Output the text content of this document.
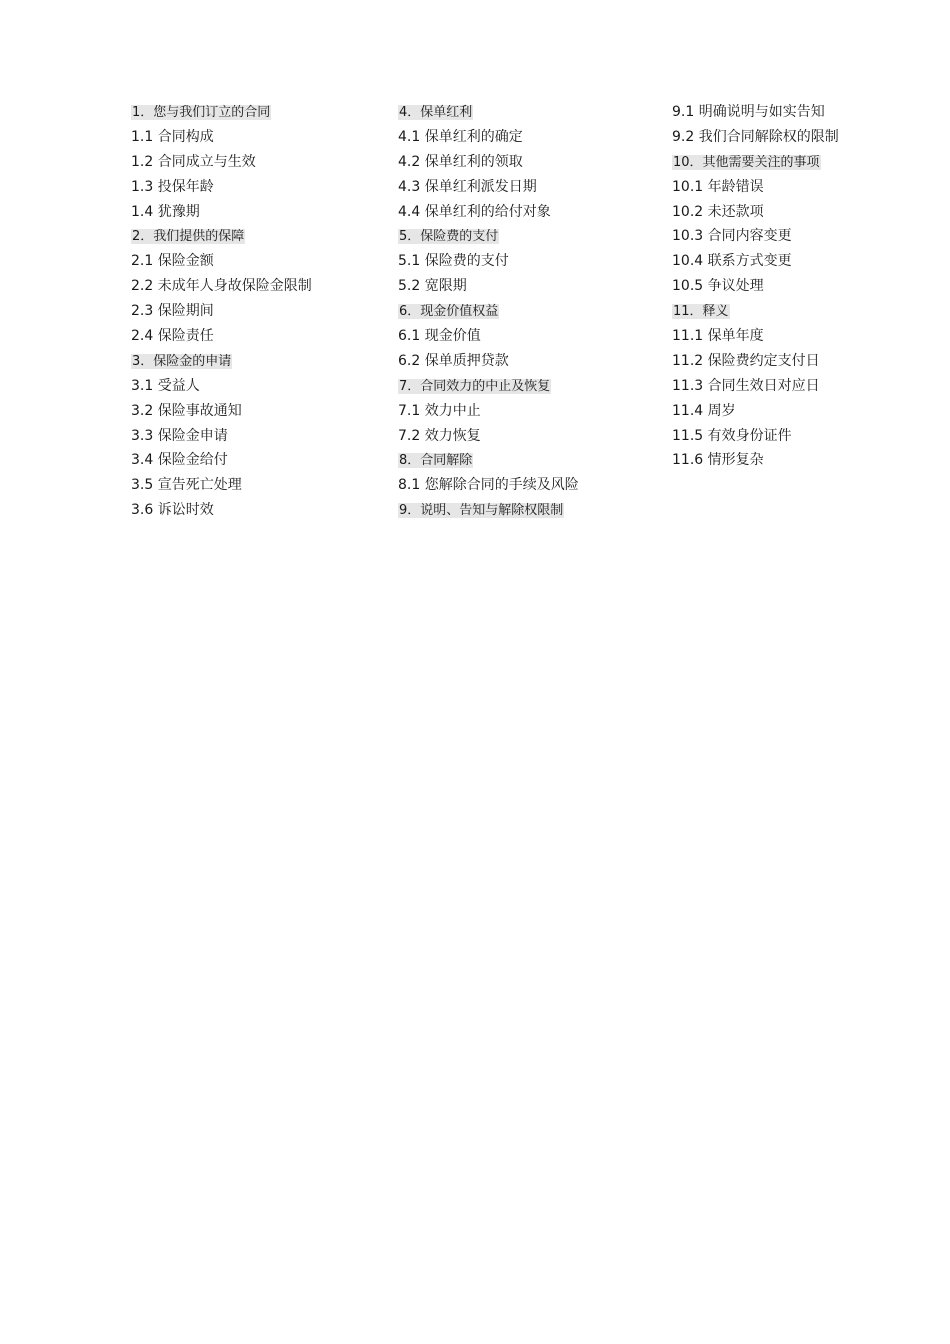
1．您与我们订立的合同
1.1 合同构成
1.2 合同成立与生效
1.3 投保年龄
1.4 犹豫期
2．我们提供的保障
2.1 保险金额
2.2 未成年人身故保险金限制
2.3 保险期间
2.4 保险责任
3．保险金的申请
3.1 受益人
3.2 保险事故通知
3.3 保险金申请
3.4 保险金给付
3.5 宣告死亡处理
3.6 诉讼时效
4．保单红利
4.1 保单红利的确定
4.2 保单红利的领取
4.3 保单红利派发日期
4.4 保单红利的给付对象
5．保险费的支付
5.1 保险费的支付
5.2 宽限期
6．现金价值权益
6.1 现金价值
6.2 保单质押贷款
7．合同效力的中止及恢复
7.1 效力中止
7.2 效力恢复
8．合同解除
8.1 您解除合同的手续及风险
9．说明、告知与解除权限制
9.1 明确说明与如实告知
9.2 我们合同解除权的限制
10．其他需要关注的事项
10.1 年龄错误
10.2 未还款项
10.3 合同内容变更
10.4 联系方式变更
10.5 争议处理
11．释义
11.1 保单年度
11.2 保险费约定支付日
11.3 合同生效日对应日
11.4 周岁
11.5 有效身份证件
11.6 情形复杂
